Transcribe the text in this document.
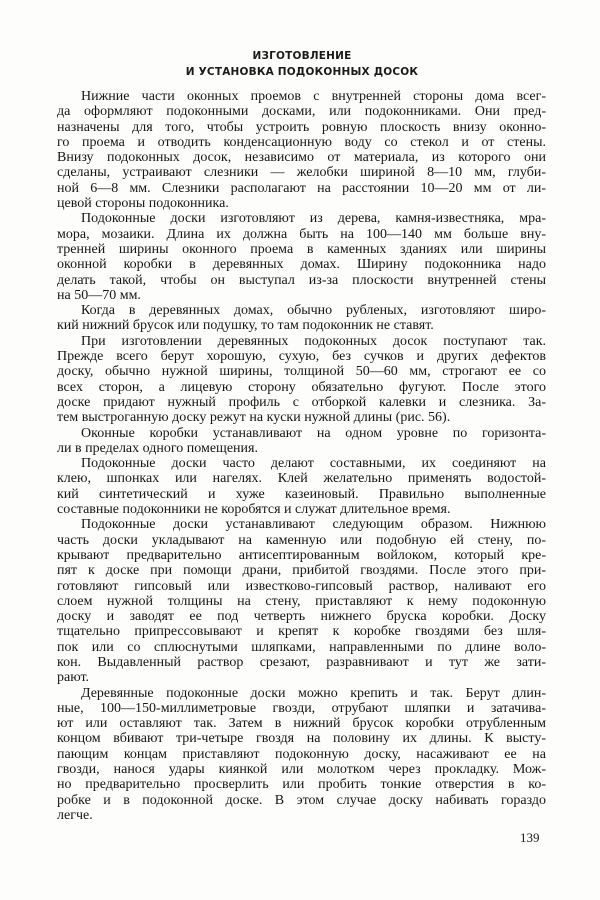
ИЗГОТОВЛЕНИЕ
И УСТАНОВКА ПОДОКОННЫХ ДОСОК
Нижние части оконных проемов с внутренней стороны дома всег-
да оформляют подоконными досками, или подоконниками. Они пред-
назначены для того, чтобы устроить ровную плоскость внизу оконно-
го проема и отводить конденсационную воду со стекол и от стены.
Внизу подоконных досок, независимо от материала, из которого они
сделаны, устраивают слезники — желобки шириной 8—10 мм, глуби-
ной 6—8 мм. Слезники располагают на расстоянии 10—20 мм от ли-
цевой стороны подоконника.
Подоконные доски изготовляют из дерева, камня-известняка, мра-
мора, мозаики. Длина их должна быть на 100—140 мм больше вну-
тренней ширины оконного проема в каменных зданиях или ширины
оконной коробки в деревянных домах. Ширину подоконника надо
делать такой, чтобы он выступал из-за плоскости внутренней стены
на 50—70 мм.
Когда в деревянных домах, обычно рубленых, изготовляют широ-
кий нижний брусок или подушку, то там подоконник не ставят.
При изготовлении деревянных подоконных досок поступают так.
Прежде всего берут хорошую, сухую, без сучков и других дефектов
доску, обычно нужной ширины, толщиной 50—60 мм, строгают ее со
всех сторон, а лицевую сторону обязательно фугуют. После этого
доске придают нужный профиль с отборкой калевки и слезника. За-
тем выстроганную доску режут на куски нужной длины (рис. 56).
Оконные коробки устанавливают на одном уровне по горизонта-
ли в пределах одного помещения.
Подоконные доски часто делают составными, их соединяют на
клею, шпонках или нагелях. Клей желательно применять водостой-
кий синтетический и хуже казеиновый. Правильно выполненные
составные подоконники не коробятся и служат длительное время.
Подоконные доски устанавливают следующим образом. Нижнюю
часть доски укладывают на каменную или подобную ей стену, по-
крывают предварительно антисептированным войлоком, который кре-
пят к доске при помощи драни, прибитой гвоздями. После этого при-
готовляют гипсовый или известково-гипсовый раствор, наливают его
слоем нужной толщины на стену, приставляют к нему подоконную
доску и заводят ее под четверть нижнего бруска коробки. Доску
тщательно припрессовывают и крепят к коробке гвоздями без шля-
пок или со сплюснутыми шляпками, направленными по длине воло-
кон. Выдавленный раствор срезают, разравнивают и тут же зати-
рают.
Деревянные подоконные доски можно крепить и так. Берут длин-
ные, 100—150-миллиметровые гвозди, отрубают шляпки и затачива-
ют или оставляют так. Затем в нижний брусок коробки отрубленным
концом вбивают три-четыре гвоздя на половину их длины. К высту-
пающим концам приставляют подоконную доску, насаживают ее на
гвозди, нанося удары киянкой или молотком через прокладку. Мож-
но предварительно просверлить или пробить тонкие отверстия в ко-
робке и в подоконной доске. В этом случае доску набивать гораздо
легче.
139
